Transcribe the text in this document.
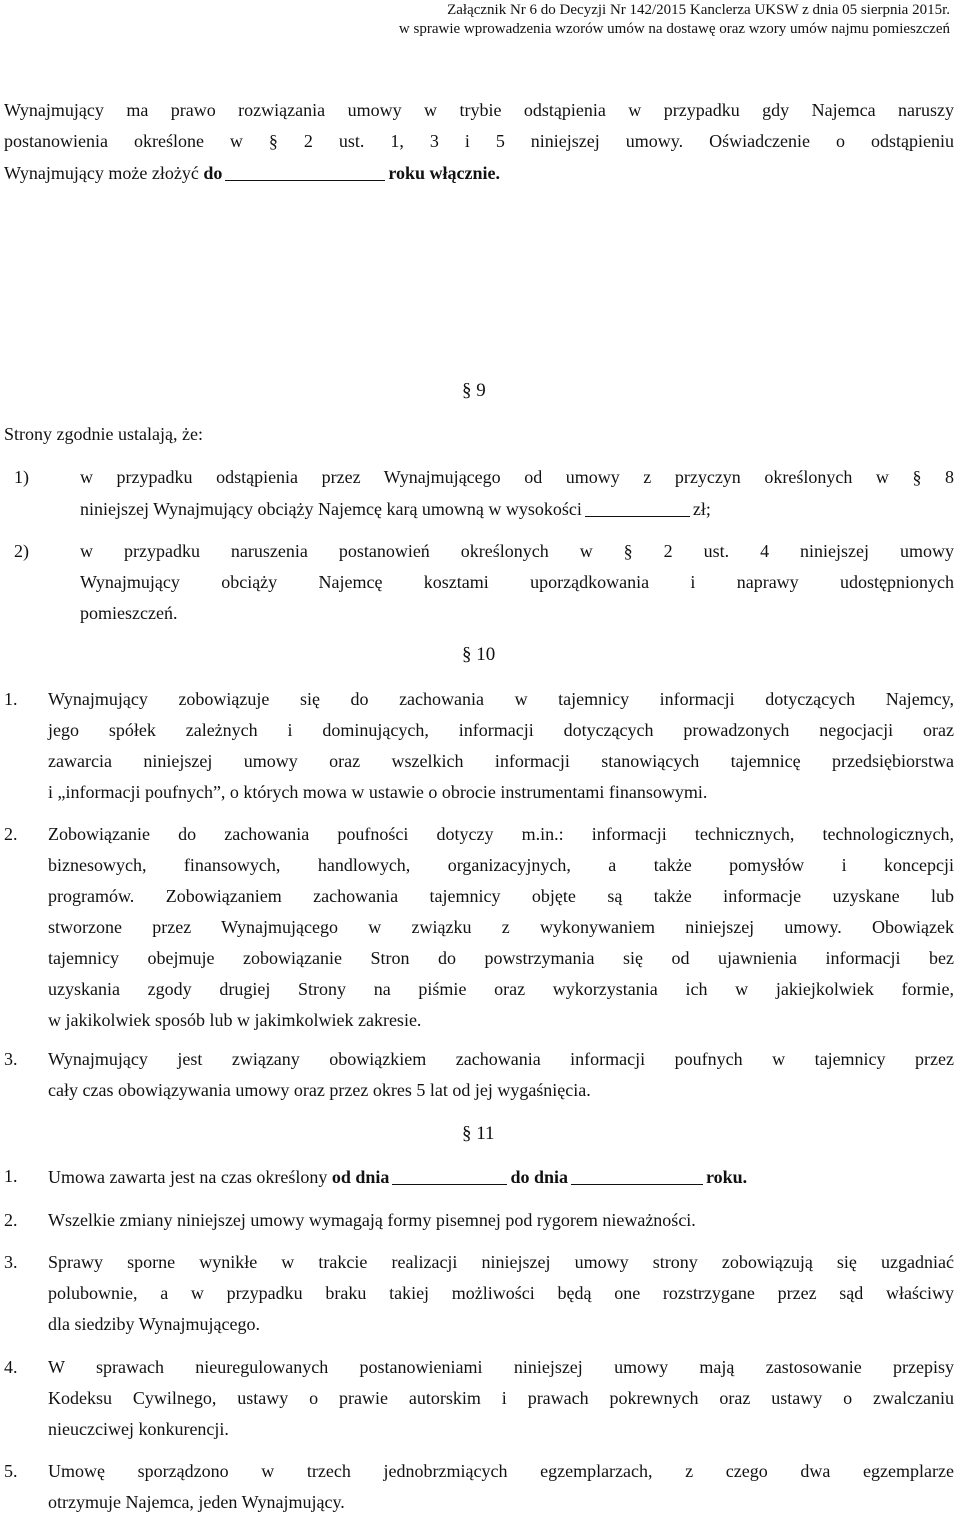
Załącznik Nr 6 do Decyzji Nr 142/2015 Kanclerza UKSW z dnia 05 sierpnia 2015r.
w sprawie wprowadzenia wzorów umów na dostawę oraz wzory umów najmu pomieszczeń
Wynajmujący ma prawo rozwiązania umowy w trybie odstąpienia w przypadku gdy Najemca naruszy
postanowienia określone w § 2 ust. 1, 3 i 5 niniejszej umowy. Oświadczenie o odstąpieniu
Wynajmujący może złożyć do	roku włącznie.
§ 9
Strony zgodnie ustalają, że:
1)	w przypadku odstąpienia przez Wynajmującego od umowy z przyczyn określonych w § 8
niniejszej Wynajmujący obciąży Najemcę karą umowną w wysokości	zł;
2)	w przypadku naruszenia postanowień określonych w § 2 ust. 4 niniejszej umowy
Wynajmujący obciąży Najemcę kosztami uporządkowania i naprawy udostępnionych
pomieszczeń.
§ 10
1. Wynajmujący zobowiązuje się do zachowania w tajemnicy informacji dotyczących Najemcy,
jego spółek zależnych i dominujących, informacji dotyczących prowadzonych negocjacji oraz
zawarcia niniejszej umowy oraz wszelkich informacji stanowiących tajemnicę przedsiębiorstwa
i „informacji poufnych”, o których mowa w ustawie o obrocie instrumentami finansowymi.
2. Zobowiązanie do zachowania poufności dotyczy m.in.: informacji technicznych, technologicznych,
biznesowych, finansowych, handlowych, organizacyjnych, a także pomysłów i koncepcji
programów. Zobowiązaniem zachowania tajemnicy objęte są także informacje uzyskane lub
stworzone przez Wynajmującego w związku z wykonywaniem niniejszej umowy. Obowiązek
tajemnicy obejmuje zobowiązanie Stron do powstrzymania się od ujawnienia informacji bez
uzyskania zgody drugiej Strony na piśmie oraz wykorzystania ich w jakiejkolwiek formie,
w jakikolwiek sposób lub w jakimkolwiek zakresie.
3. Wynajmujący jest związany obowiązkiem zachowania informacji poufnych w tajemnicy przez
cały czas obowiązywania umowy oraz przez okres 5 lat od jej wygaśnięcia.
§ 11
1. Umowa zawarta jest na czas określony od dnia	do dnia	roku.
2. Wszelkie zmiany niniejszej umowy wymagają formy pisemnej pod rygorem nieważności.
3. Sprawy sporne wynikłe w trakcie realizacji niniejszej umowy strony zobowiązują się uzgadniać
polubownie, a w przypadku braku takiej możliwości będą one rozstrzygane przez sąd właściwy
dla siedziby Wynajmującego.
4. W sprawach nieuregulowanych postanowieniami niniejszej umowy mają zastosowanie przepisy
Kodeksu Cywilnego, ustawy o prawie autorskim i prawach pokrewnych oraz ustawy o zwalczaniu
nieuczciwej konkurencji.
5. Umowę sporządzono w trzech jednobrzmiących egzemplarzach, z czego dwa egzemplarze
otrzymuje Najemca, jeden Wynajmujący.
